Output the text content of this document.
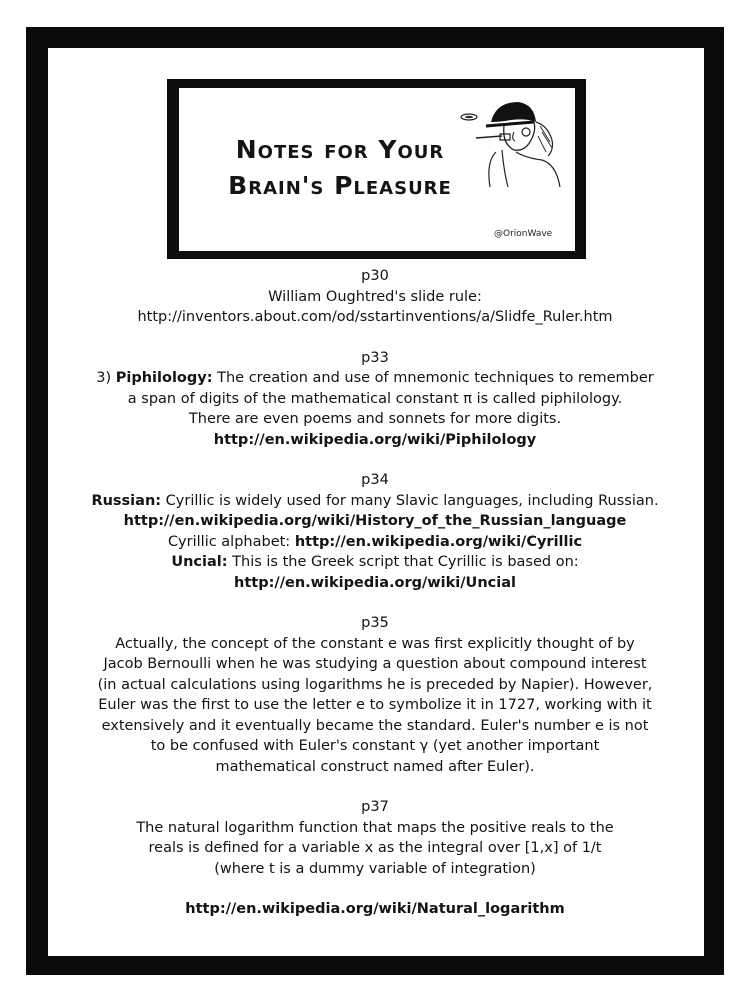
Notes for Your
Brain's Pleasure
@OrionWave
p30
William Oughtred's slide rule:
http://inventors.about.com/od/sstartinventions/a/Slidfe_Ruler.htm
p33
3) Piphilology: The creation and use of mnemonic techniques to remember
a span of digits of the mathematical constant π is called piphilology.
There are even poems and sonnets for more digits.
http://en.wikipedia.org/wiki/Piphilology
p34
Russian: Cyrillic is widely used for many Slavic languages, including Russian.
http://en.wikipedia.org/wiki/History_of_the_Russian_language
Cyrillic alphabet: http://en.wikipedia.org/wiki/Cyrillic
Uncial: This is the Greek script that Cyrillic is based on:
http://en.wikipedia.org/wiki/Uncial
p35
Actually, the concept of the constant e was first explicitly thought of by
Jacob Bernoulli when he was studying a question about compound interest
(in actual calculations using logarithms he is preceded by Napier). However,
Euler was the first to use the letter e to symbolize it in 1727, working with it
extensively and it eventually became the standard. Euler's number e is not
to be confused with Euler's constant γ (yet another important
mathematical construct named after Euler).
p37
The natural logarithm function that maps the positive reals to the
reals is defined for a variable x as the integral over [1,x] of 1/t
(where t is a dummy variable of integration)
http://en.wikipedia.org/wiki/Natural_logarithm
